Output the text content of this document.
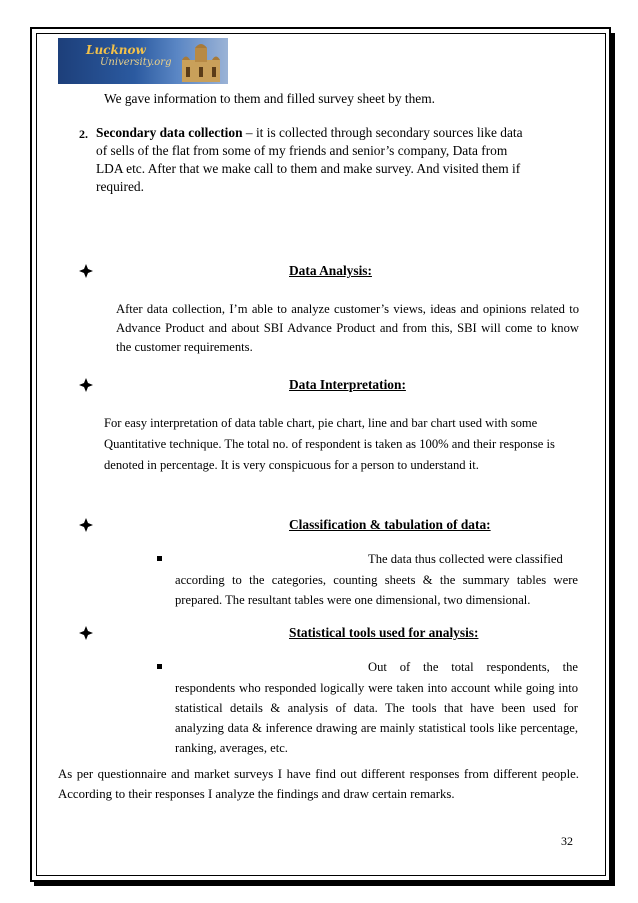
Lucknow
University.org

We gave information to them and filled survey sheet by them.

2. Secondary data collection – it is collected through secondary sources like data

of sells of the flat from some of my friends and senior’s company, Data from

LDA etc. After that we make call to them and make survey. And visited them if

required.

Data Analysis:

After data collection, I’m able to analyze customer’s views, ideas and opinions related to Advance Product and about SBI Advance Product and from this, SBI will come to know the customer requirements.

Data Interpretation:

For easy interpretation of data table chart, pie chart, line and bar chart used with some Quantitative technique. The total no. of respondent is taken as 100% and their response is denoted in percentage. It is very conspicuous for a person to understand it.

Classification & tabulation of data:

The data thus collected were classified

according to the categories, counting sheets & the summary tables were prepared. The resultant tables were one dimensional, two dimensional.

Statistical tools used for analysis:

Out of the total respondents, the

respondents who responded logically were taken into account while going into statistical details & analysis of data. The tools that have been used for analyzing data & inference drawing are mainly statistical tools like percentage, ranking, averages, etc.

As per questionnaire and market surveys I have find out different responses from different people. According to their responses I analyze the findings and draw certain remarks.

32
